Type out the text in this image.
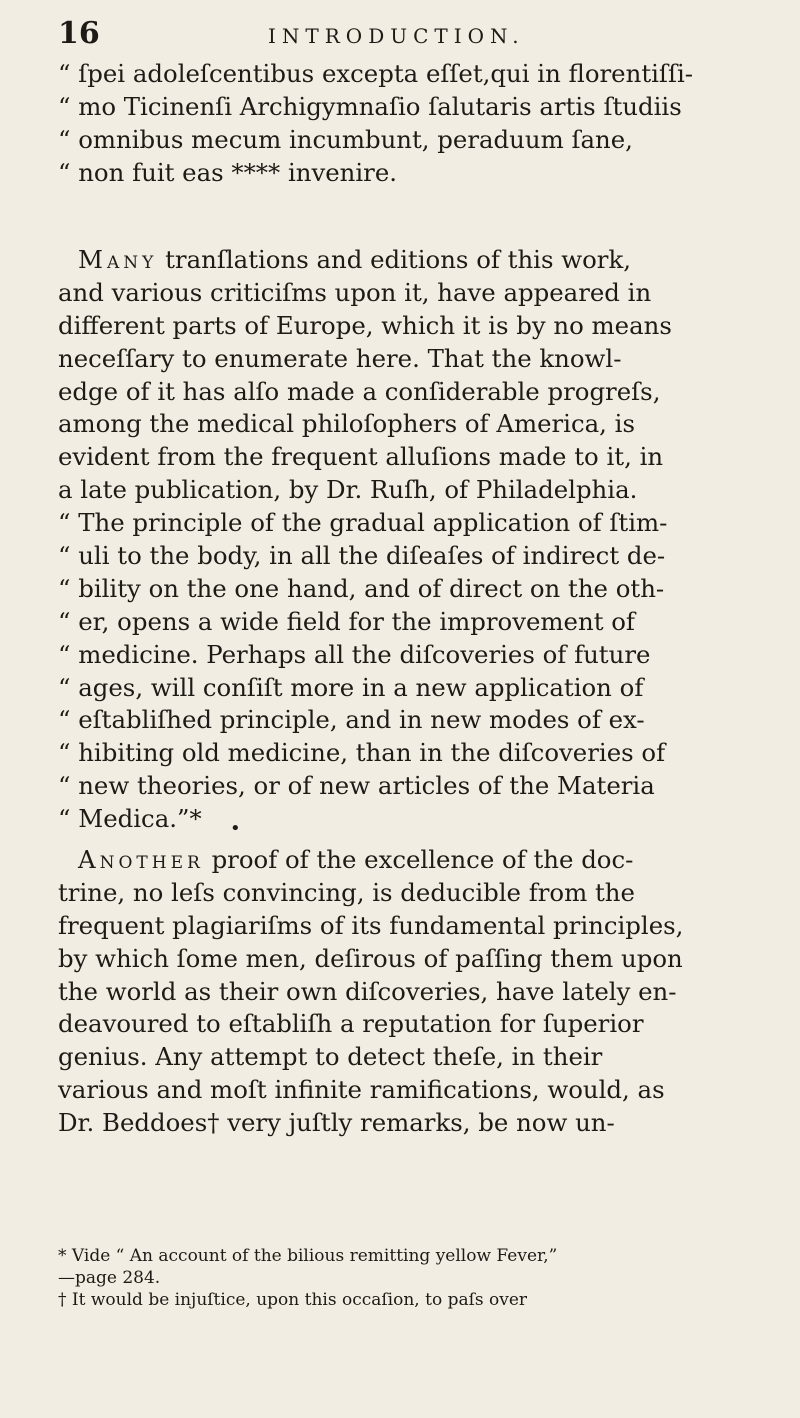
16	INTRODUCTION.
“ ſpei adoleſcentibus excepta eſſet,qui in florentiſſi-
“ mo Ticinenſi Archigymnaſio ſalutaris artis ſtudiis
“ omnibus mecum incumbunt, peraduum ſane,
“ non fuit eas **** invenire.
Many tranſlations and editions of this work,
and various criticiſms upon it, have appeared in
different parts of Europe, which it is by no means
neceſſary to enumerate here. That the knowl-
edge of it has alſo made a conſiderable progreſs,
among the medical philoſophers of America, is
evident from the frequent alluſions made to it, in
a late publication, by Dr. Ruſh, of Philadelphia.
“ The principle of the gradual application of ſtim-
“ uli to the body, in all the diſeaſes of indirect de-
“ bility on the one hand, and of direct on the oth-
“ er, opens a wide field for the improvement of
“ medicine. Perhaps all the diſcoveries of future
“ ages, will conſiſt more in a new application of
“ eſtabliſhed principle, and in new modes of ex-
“ hibiting old medicine, than in the diſcoveries of
“ new theories, or of new articles of the Materia
“ Medica.”*	•
Another proof of the excellence of the doc-
trine, no leſs convincing, is deducible from the
frequent plagiariſms of its fundamental principles,
by which ſome men, deſirous of paſſing them upon
the world as their own diſcoveries, have lately en-
deavoured to eſtabliſh a reputation for ſuperior
genius. Any attempt to detect theſe, in their
various and moſt infinite ramifications, would, as
Dr. Beddoes† very juſtly remarks, be now un-
* Vide “ An account of the bilious remitting yellow Fever,”
—page 284.
† It would be injuſtice, upon this occaſion, to paſs over
